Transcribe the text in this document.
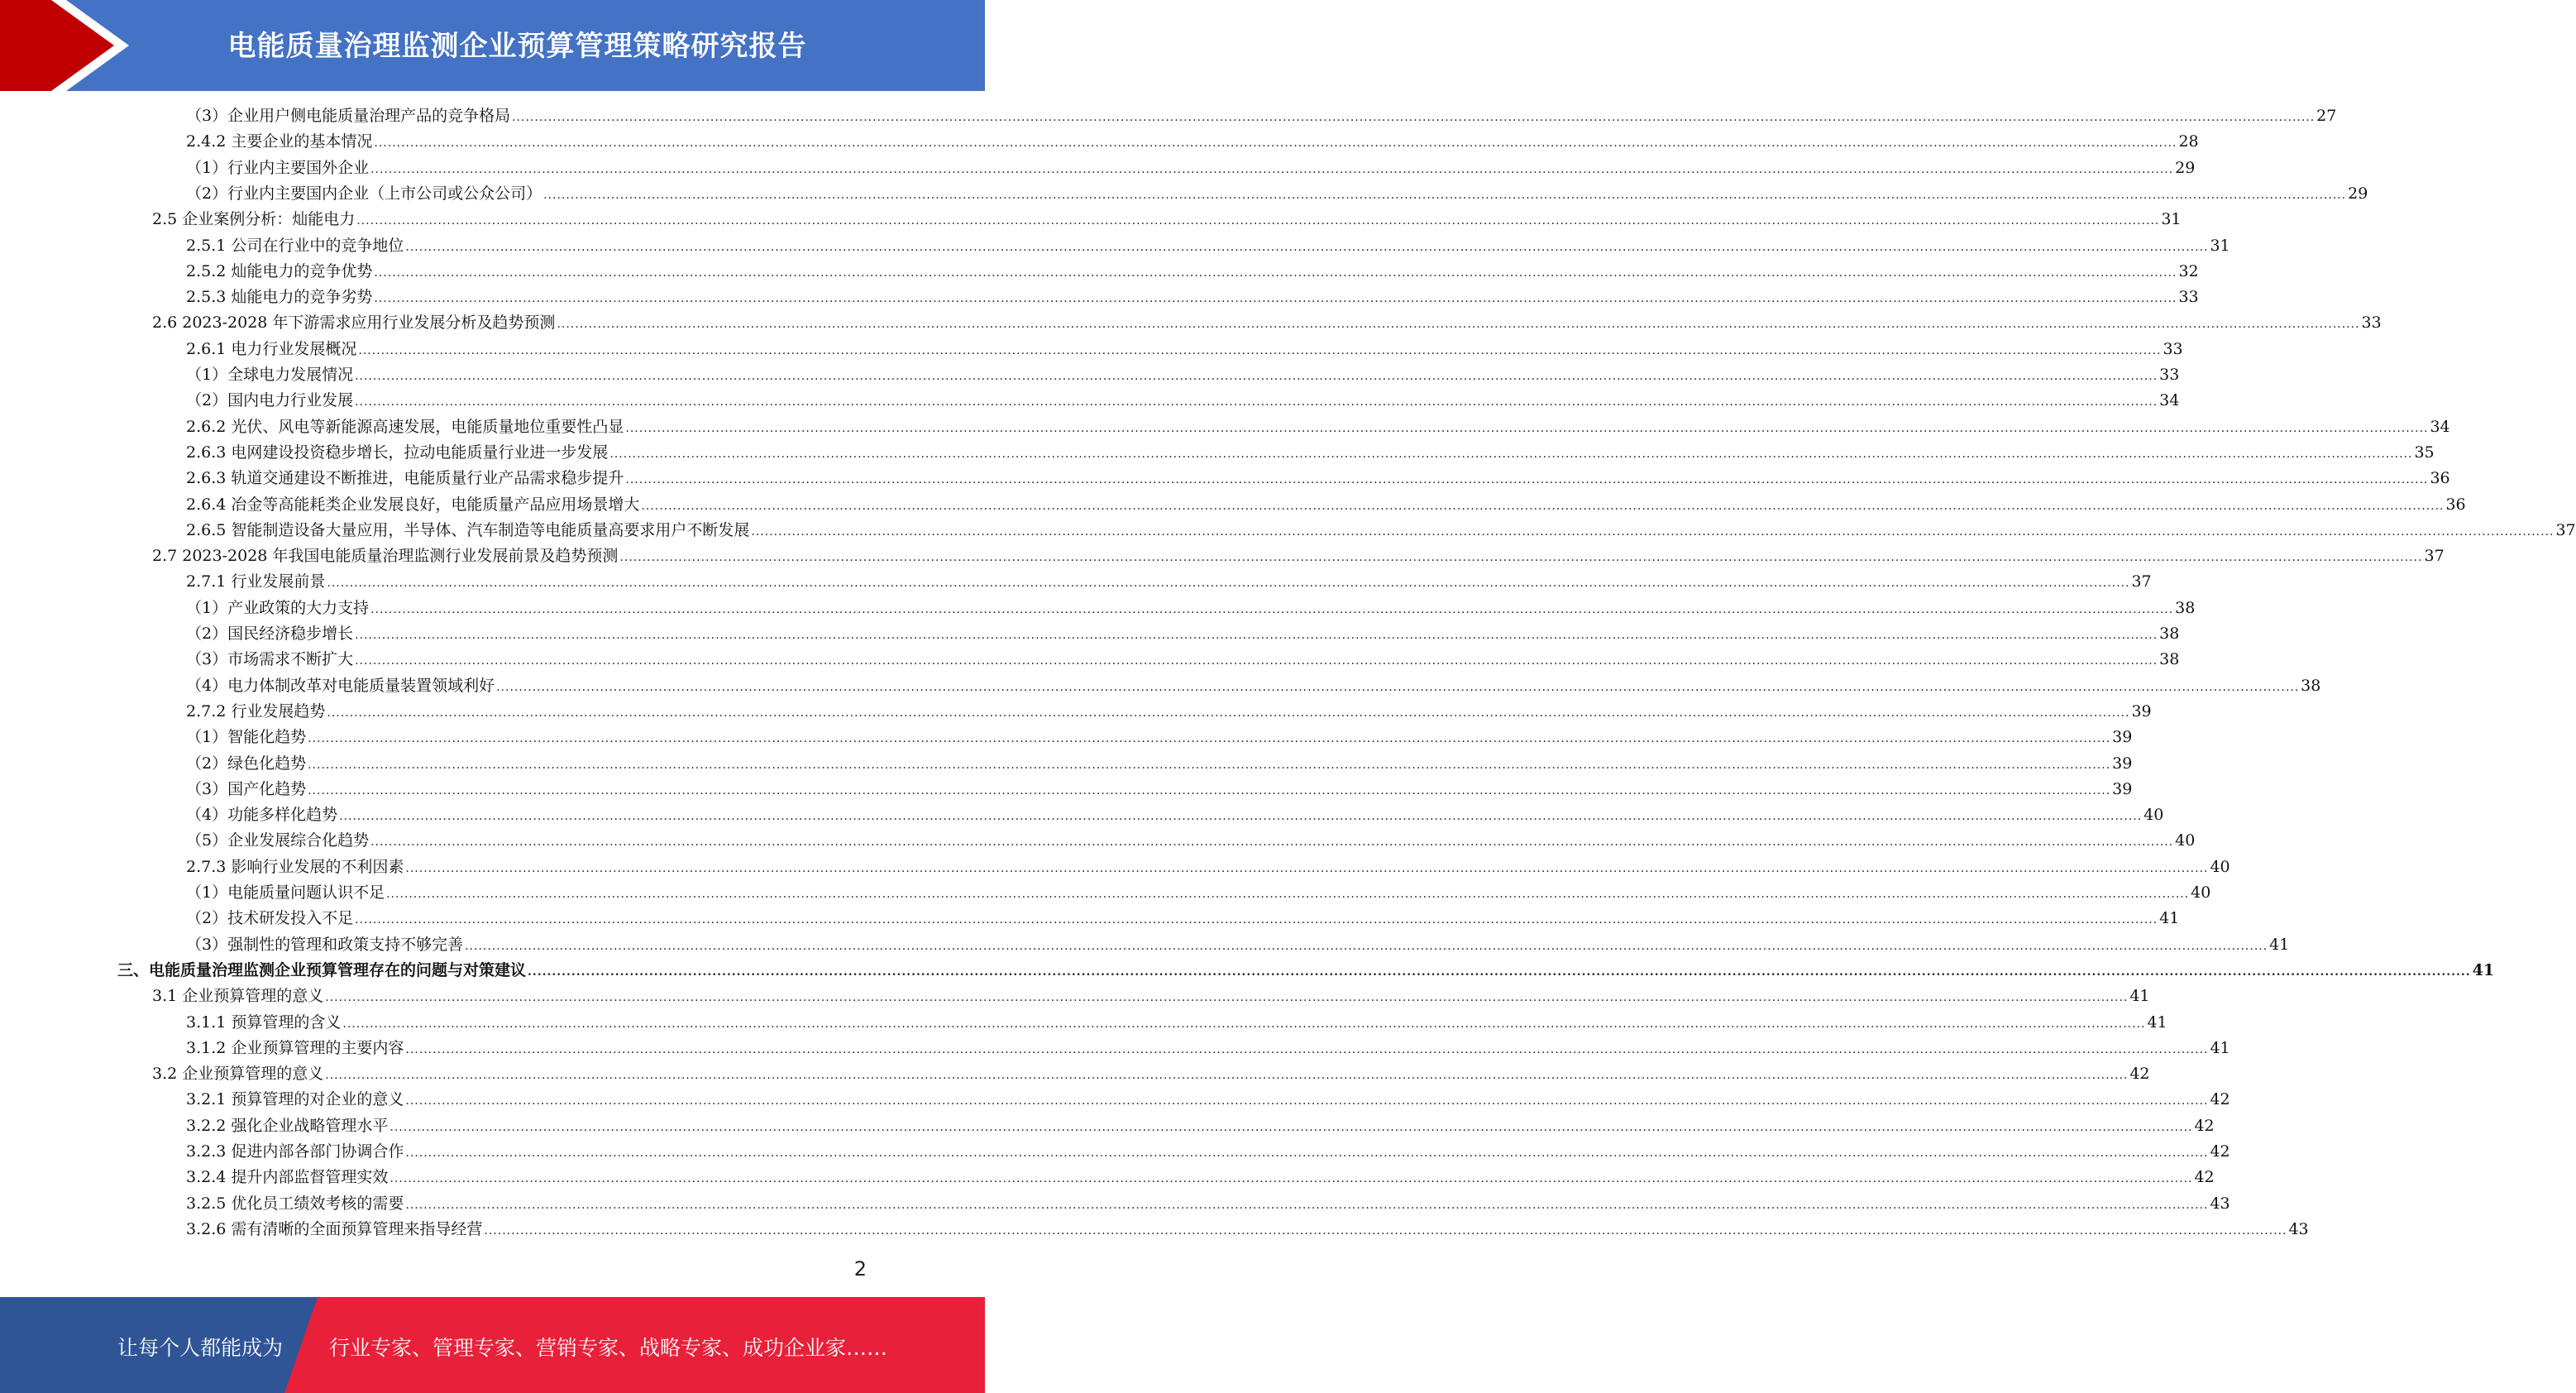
电能质量治理监测企业预算管理策略研究报告
（3）企业用户侧电能质量治理产品的竞争格局 ................................................................................................................................................................................................................................................................................................................................................................................................................ 27
2.4.2 主要企业的基本情况 ................................................................................................................................................................................................................................................................................................................................................................................................................ 28
（1）行业内主要国外企业 ................................................................................................................................................................................................................................................................................................................................................................................................................ 29
（2）行业内主要国内企业（上市公司或公众公司） ................................................................................................................................................................................................................................................................................................................................................................................................................ 29
2.5 企业案例分析：灿能电力 ................................................................................................................................................................................................................................................................................................................................................................................................................ 31
2.5.1 公司在行业中的竞争地位 ................................................................................................................................................................................................................................................................................................................................................................................................................ 31
2.5.2 灿能电力的竞争优势 ................................................................................................................................................................................................................................................................................................................................................................................................................ 32
2.5.3 灿能电力的竞争劣势 ................................................................................................................................................................................................................................................................................................................................................................................................................ 33
2.6 2023-2028 年下游需求应用行业发展分析及趋势预测 ................................................................................................................................................................................................................................................................................................................................................................................................................ 33
2.6.1 电力行业发展概况 ................................................................................................................................................................................................................................................................................................................................................................................................................ 33
（1）全球电力发展情况 ................................................................................................................................................................................................................................................................................................................................................................................................................ 33
（2）国内电力行业发展 ................................................................................................................................................................................................................................................................................................................................................................................................................ 34
2.6.2 光伏、风电等新能源高速发展，电能质量地位重要性凸显 ................................................................................................................................................................................................................................................................................................................................................................................................................ 34
2.6.3 电网建设投资稳步增长，拉动电能质量行业进一步发展 ................................................................................................................................................................................................................................................................................................................................................................................................................ 35
2.6.3 轨道交通建设不断推进，电能质量行业产品需求稳步提升 ................................................................................................................................................................................................................................................................................................................................................................................................................ 36
2.6.4 冶金等高能耗类企业发展良好，电能质量产品应用场景增大 ................................................................................................................................................................................................................................................................................................................................................................................................................ 36
2.6.5 智能制造设备大量应用，半导体、汽车制造等电能质量高要求用户不断发展 ................................................................................................................................................................................................................................................................................................................................................................................................................ 37
2.7 2023-2028 年我国电能质量治理监测行业发展前景及趋势预测 ................................................................................................................................................................................................................................................................................................................................................................................................................ 37
2.7.1 行业发展前景 ................................................................................................................................................................................................................................................................................................................................................................................................................ 37
（1）产业政策的大力支持 ................................................................................................................................................................................................................................................................................................................................................................................................................ 38
（2）国民经济稳步增长 ................................................................................................................................................................................................................................................................................................................................................................................................................ 38
（3）市场需求不断扩大 ................................................................................................................................................................................................................................................................................................................................................................................................................ 38
（4）电力体制改革对电能质量装置领域利好 ................................................................................................................................................................................................................................................................................................................................................................................................................ 38
2.7.2 行业发展趋势 ................................................................................................................................................................................................................................................................................................................................................................................................................ 39
（1）智能化趋势 ................................................................................................................................................................................................................................................................................................................................................................................................................ 39
（2）绿色化趋势 ................................................................................................................................................................................................................................................................................................................................................................................................................ 39
（3）国产化趋势 ................................................................................................................................................................................................................................................................................................................................................................................................................ 39
（4）功能多样化趋势 ................................................................................................................................................................................................................................................................................................................................................................................................................ 40
（5）企业发展综合化趋势 ................................................................................................................................................................................................................................................................................................................................................................................................................ 40
2.7.3 影响行业发展的不利因素 ................................................................................................................................................................................................................................................................................................................................................................................................................ 40
（1）电能质量问题认识不足 ................................................................................................................................................................................................................................................................................................................................................................................................................ 40
（2）技术研发投入不足 ................................................................................................................................................................................................................................................................................................................................................................................................................ 41
（3）强制性的管理和政策支持不够完善 ................................................................................................................................................................................................................................................................................................................................................................................................................ 41
三、电能质量治理监测企业预算管理存在的问题与对策建议 ................................................................................................................................................................................................................................................................................................................................................................................................................ 41
3.1 企业预算管理的意义 ................................................................................................................................................................................................................................................................................................................................................................................................................ 41
3.1.1 预算管理的含义 ................................................................................................................................................................................................................................................................................................................................................................................................................ 41
3.1.2 企业预算管理的主要内容 ................................................................................................................................................................................................................................................................................................................................................................................................................ 41
3.2 企业预算管理的意义 ................................................................................................................................................................................................................................................................................................................................................................................................................ 42
3.2.1 预算管理的对企业的意义 ................................................................................................................................................................................................................................................................................................................................................................................................................ 42
3.2.2 强化企业战略管理水平 ................................................................................................................................................................................................................................................................................................................................................................................................................ 42
3.2.3 促进内部各部门协调合作 ................................................................................................................................................................................................................................................................................................................................................................................................................ 42
3.2.4 提升内部监督管理实效 ................................................................................................................................................................................................................................................................................................................................................................................................................ 42
3.2.5 优化员工绩效考核的需要 ................................................................................................................................................................................................................................................................................................................................................................................................................ 43
3.2.6 需有清晰的全面预算管理来指导经营 ................................................................................................................................................................................................................................................................................................................................................................................................................ 43
2
让每个人都能成为 行业专家、管理专家、营销专家、战略专家、成功企业家……
